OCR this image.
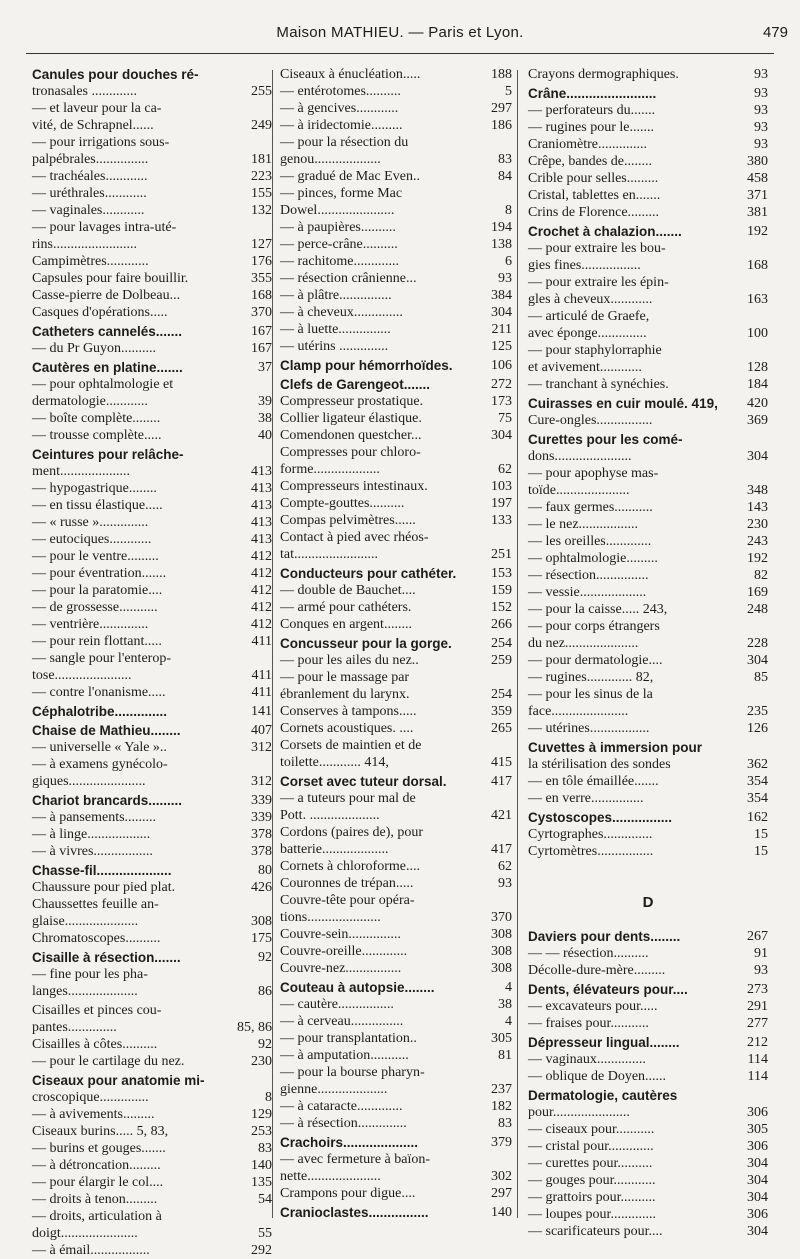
Maison MATHIEU. — Paris et Lyon.	479
Canules pour douches ré-
tronasales .............	255
— et laveur pour la ca-
vité, de Schrapnel......	249
— pour irrigations sous-
palpébrales...............	181
— trachéales............	223
— uréthrales............	155
— vaginales............	132
— pour lavages intra-uté-
rins........................	127
Campimètres............	176
Capsules pour faire bouillir.	355
Casse-pierre de Dolbeau...	168
Casques d'opérations.....	370
Catheters cannelés.......	167
— du Pr Guyon..........	167
Cautères en platine.......	37
— pour ophtalmologie et
dermatologie............	39
— boîte complète........	38
— trousse complète.....	40
Ceintures pour relâche-
ment....................	413
— hypogastrique........	413
— en tissu élastique.....	413
— « russe »..............	413
— eutociques............	413
— pour le ventre.........	412
— pour éventration.......	412
— pour la paratomie....	412
— de grossesse...........	412
— ventrière..............	412
— pour rein flottant.....	411
— sangle pour l'enterop-
tose......................	411
— contre l'onanisme.....	411
Céphalotribe..............	141
Chaise de Mathieu........	407
— universelle « Yale »..	312
— à examens gynécolo-
giques......................	312
Chariot brancards.........	339
— à pansements.........	339
— à linge..................	378
— à vivres.................	378
Chasse-fil....................	80
Chaussure pour pied plat.	426
Chaussettes feuille an-
glaise.....................	308
Chromatoscopes..........	175
Cisaille à résection.......	92
— fine pour les pha-
langes....................	86
Cisailles et pinces cou-
pantes..............	85, 86
Cisailles à côtes..........	92
— pour le cartilage du nez.	230
Ciseaux pour anatomie mi-
croscopique..............	8
— à avivements.........	129
Ciseaux burins..... 5, 83,	253
— burins et gouges.......	83
— à détroncation.........	140
— pour élargir le col....	135
— droits à tenon.........	54
— droits, articulation à
doigt......................	55
— à émail.................	292
Ciseaux à énucléation.....	188
— entérotomes..........	5
— à gencives............	297
— à iridectomie.........	186
— pour la résection du
genou...................	83
— gradué de Mac Even..	84
— pinces, forme Mac
Dowel......................	8
— à paupières..........	194
— perce-crâne..........	138
— rachitome.............	6
— résection crânienne...	93
— à plâtre...............	384
— à cheveux..............	304
— à luette...............	211
— utérins ..............	125
Clamp pour hémorrhoïdes.	106
Clefs de Garengeot.......	272
Compresseur prostatique.	173
Collier ligateur élastique.	75
Comendonen questcher...	304
Compresses pour chloro-
forme...................	62
Compresseurs intestinaux.	103
Compte-gouttes..........	197
Compas pelvimètres......	133
Contact à pied avec rhéos-
tat........................	251
Conducteurs pour cathéter. 153
— double de Bauchet....	159
— armé pour cathéters.	152
Conques en argent........	266
Concusseur pour la gorge.	254
— pour les ailes du nez..	259
— pour le massage par
ébranlement du larynx.	254
Conserves à tampons.....	359
Cornets acoustiques. ....	265
Corsets de maintien et de
toilette............ 414,	415
Corset avec tuteur dorsal.	417
— a tuteurs pour mal de
Pott. ....................	421
Cordons (paires de), pour
batterie...................	417
Cornets à chloroforme....	62
Couronnes de trépan.....	93
Couvre-tête pour opéra-
tions.....................	370
Couvre-sein...............	308
Couvre-oreille.............	308
Couvre-nez................	308
Couteau à autopsie........	4
— cautère................	38
— à cerveau...............	4
— pour transplantation..	305
— à amputation...........	81
— pour la bourse pharyn-
gienne....................	237
— à cataracte.............	182
— à résection..............	83
Crachoirs....................	379
— avec fermeture à baïon-
nette.....................	302
Crampons pour digue....	297
Cranioclastes................	140
Crayons dermographiques.	93
Crâne........................	93
— perforateurs du.......	93
— rugines pour le.......	93
Craniomètre..............	93
Crêpe, bandes de........	380
Crible pour selles.........	458
Cristal, tablettes en.......	371
Crins de Florence.........	381
Crochet à chalazion.......	192
— pour extraire les bou-
gies fines.................	168
— pour extraire les épin-
gles à cheveux............	163
— articulé de Graefe,
avec éponge..............	100
— pour staphylorraphie
et avivement............	128
— tranchant à synéchies.	184
Cuirasses en cuir moulé. 419, 420
Cure-ongles................	369
Curettes pour les comé-
dons......................	304
— pour apophyse mas-
toïde.....................	348
— faux germes...........	143
— le nez.................	230
— les oreilles.............	243
— ophtalmologie.........	192
— résection...............	82
— vessie...................	169
— pour la caisse..... 243,	248
— pour corps étrangers
du nez.....................	228
— pour dermatologie....	304
— rugines............. 82,	85
— pour les sinus de la
face......................	235
— utérines.................	126
Cuvettes à immersion pour
la stérilisation des sondes	362
— en tôle émaillée.......	354
— en verre...............	354
Cystoscopes................	162
Cyrtographes..............	15
Cyrtomètres................	15
D
Daviers pour dents........	267
— — résection..........	91
Décolle-dure-mère.........	93
Dents, élévateurs pour....	273
— excavateurs pour.....	291
— fraises pour...........	277
Dépresseur lingual........	212
— vaginaux..............	114
— oblique de Doyen......	114
Dermatologie, cautères
pour......................	306
— ciseaux pour...........	305
— cristal pour.............	306
— curettes pour..........	304
— gouges pour............	304
— grattoirs pour..........	304
— loupes pour.............	306
— scarificateurs pour....	304
